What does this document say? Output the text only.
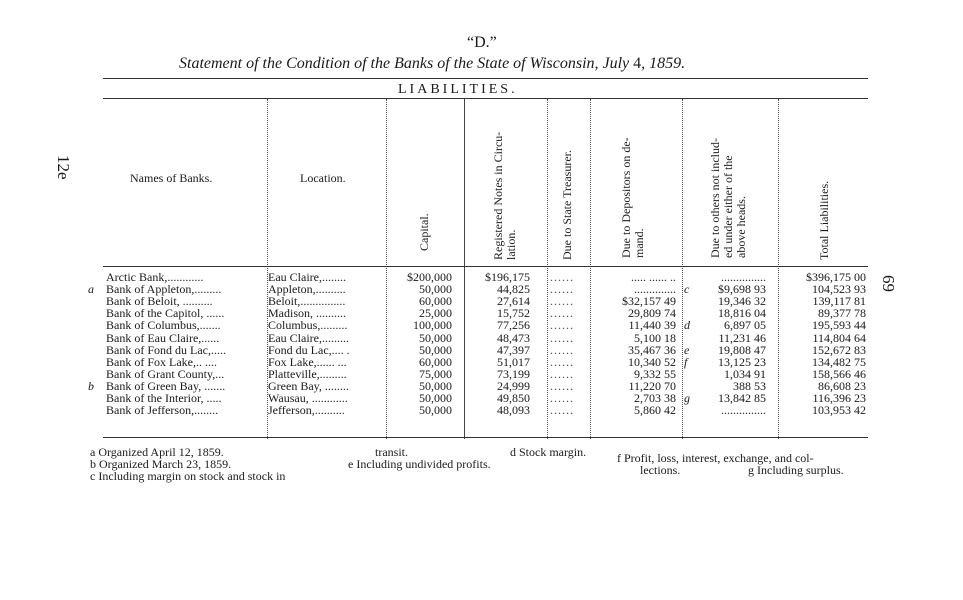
“D.”
Statement of the Condition of the Banks of the State of Wisconsin, July 4, 1859.
LIABILITIES.
12e
69
Names of Banks.	Location.
Capital.	Registered Notes in Circu- lation.	Due to State Treasurer.	Due to Depositors on de- mand.	Due to others not includ- ed under either of the above heads.	Total Liabilities.
Arctic Bank,............	Eau Claire,........	$200,000	$196,175 ......	..... ...... ..	...............	$396,175 00
a	Bank of Appleton,.........	Appleton,..........	50,000	44,825 ......	.............. c	$9,698 93	104,523 93
Bank of Beloit, ..........	Beloit,...............	60,000	27,614 ......	$32,157 49	19,346 32	139,117 81
Bank of the Capitol, ......	Madison, ..........	25,000	15,752 ......	29,809 74	18,816 04	89,377 78
Bank of Columbus,.......	Columbus,.........	100,000	77,256 ......	11,440 39 d	6,897 05	195,593 44
Bank of Eau Claire,......	Eau Claire,.........	50,000	48,473 ......	5,100 18	11,231 46	114,804 64
Bank of Fond du Lac,.....	Fond du Lac,.... .	50,000	47,397 ......	35,467 36 e	19,808 47	152,672 83
Bank of Fox Lake,.. ....	Fox Lake,...... ...	60,000	51,017 ......	10,340 52 f	13,125 23	134,482 75
Bank of Grant County,...	Platteville,.........	75,000	73,199 ......	9,332 55	1,034 91	158,566 46
b	Bank of Green Bay, .......	Green Bay, ........	50,000	24,999 ......	11,220 70	388 53	86,608 23
Bank of the Interior, .....	Wausau, ............	50,000	49,850 ......	2,703 38 g	13,842 85	116,396 23
Bank of Jefferson,........	Jefferson,..........	50,000	48,093 ......	5,860 42	...............	103,953 42
a Organized April 12, 1859.
b Organized March 23, 1859.
c Including margin on stock and stock in
transit.
e Including undivided profits.
d Stock margin.	f Profit, loss, interest, exchange, and col-
lections.	g Including surplus.
